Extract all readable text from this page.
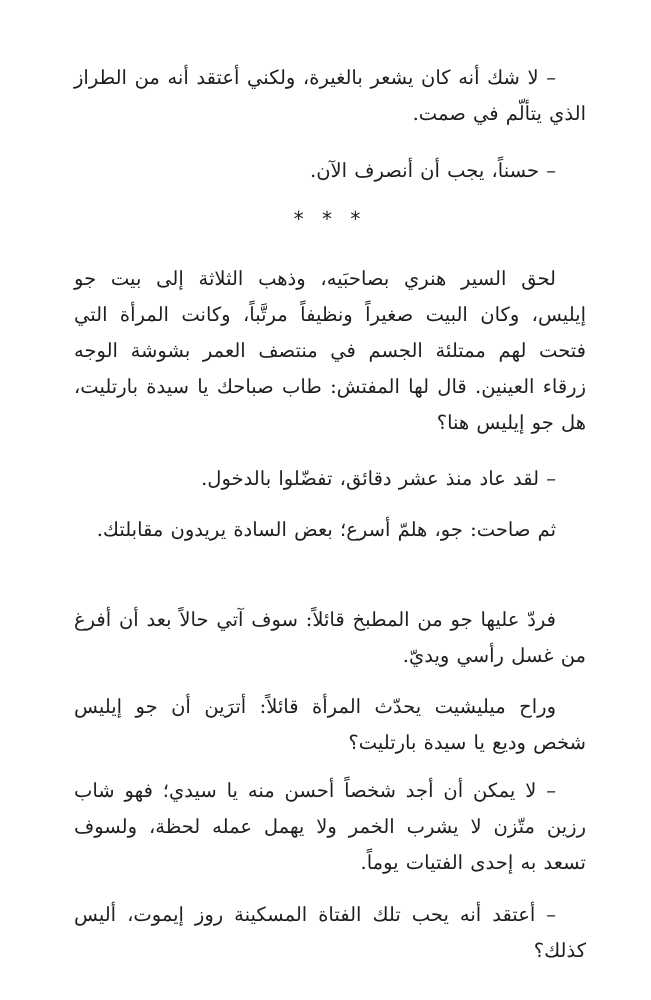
– لا شك أنه كان يشعر بالغيرة، ولكني أعتقد أنه من الطراز الذي يتألّم في صمت.

– حسناً، يجب أن أنصرف الآن.

* * *

لحق السير هنري بصاحبَيه، وذهب الثلاثة إلى بيت جو إيليس، وكان البيت صغيراً ونظيفاً مرتَّباً، وكانت المرأة التي فتحت لهم ممتلئة الجسم في منتصف العمر بشوشة الوجه زرقاء العينين. قال لها المفتش: طاب صباحك يا سيدة بارتليت، هل جو إيليس هنا؟

– لقد عاد منذ عشر دقائق، تفضّلوا بالدخول.

ثم صاحت: جو، هلمّ أسرع؛ بعض السادة يريدون مقابلتك.

فردّ عليها جو من المطبخ قائلاً: سوف آتي حالاً بعد أن أفرغ من غسل رأسي ويديّ.

وراح ميليشيت يحدّث المرأة قائلاً: أترَين أن جو إيليس شخص وديع يا سيدة بارتليت؟

– لا يمكن أن أجد شخصاً أحسن منه يا سيدي؛ فهو شاب رزين متّزن لا يشرب الخمر ولا يهمل عمله لحظة، ولسوف تسعد به إحدى الفتيات يوماً.

– أعتقد أنه يحب تلك الفتاة المسكينة روز إيموت، أليس كذلك؟
